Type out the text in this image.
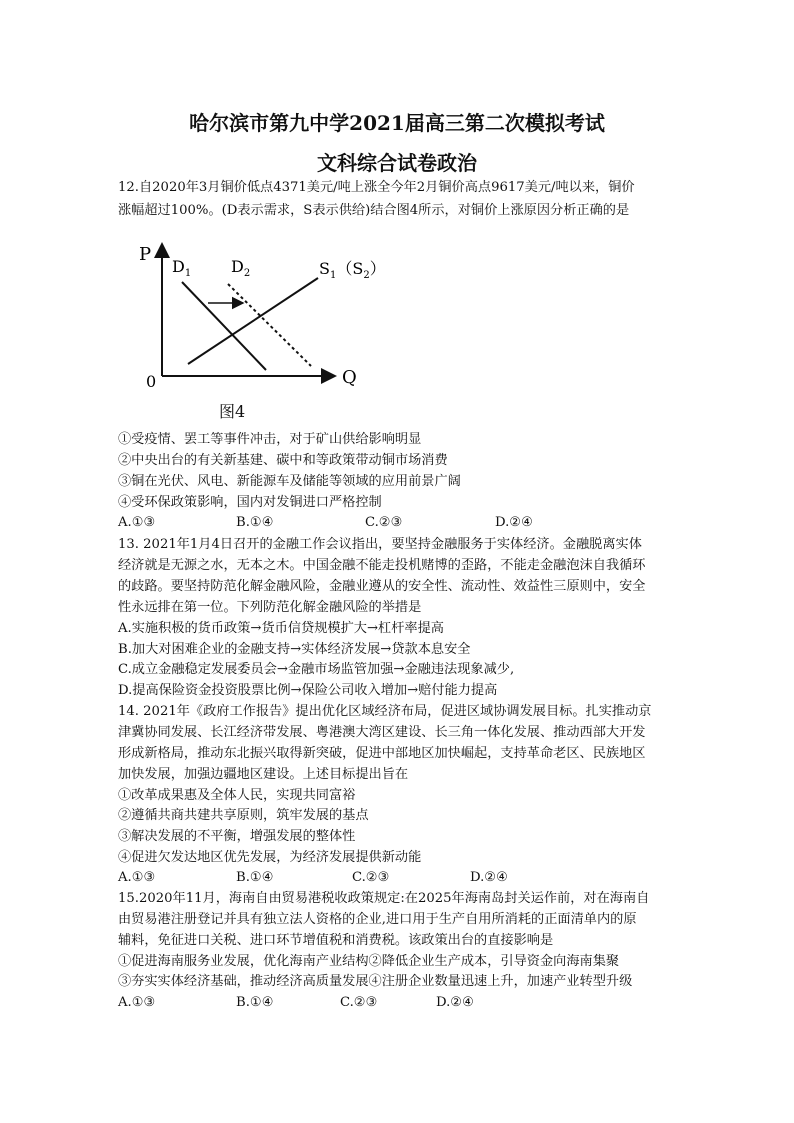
哈尔滨市第九中学2021届高三第二次模拟考试
文科综合试卷政治
12.自2020年3月铜价低点4371美元/吨上涨全今年2月铜价高点9617美元/吨以来，铜价
涨幅超过100%。(D表示需求，S表示供给)结合图4所示，对铜价上涨原因分析正确的是
P
Q
0
$D_1$ $D_2$	$S_1(S_2)$
图4
①受疫情、罢工等事件冲击，对于矿山供给影响明显
②中央出台的有关新基建、碳中和等政策带动铜市场消费
③铜在光伏、风电、新能源车及储能等领域的应用前景广阔
④受环保政策影响，国内对发铜进口严格控制
A.①③	B.①④	C.②③	D.②④
13. 2021年1月4日召开的金融工作会议指出，要坚持金融服务于实体经济。金融脱离实体
经济就是无源之水，无本之木。中国金融不能走投机赌博的歪路，不能走金融泡沫自我循环
的歧路。要坚持防范化解金融风险，金融业遵从的安全性、流动性、效益性三原则中，安全
性永远排在第一位。下列防范化解金融风险的举措是
A.实施积极的货币政策→货币信贷规模扩大→杠杆率提高
B.加大对困难企业的金融支持→实体经济发展→贷款本息安全
C.成立金融稳定发展委员会→金融市场监管加强→金融违法现象减少,
D.提高保险资金投资股票比例→保险公司收入增加→赔付能力提高
14. 2021年《政府工作报告》提出优化区域经济布局，促进区域协调发展目标。扎实推动京
津冀协同发展、长江经济带发展、粤港澳大湾区建设、长三角一体化发展、推动西部大开发
形成新格局，推动东北振兴取得新突破，促进中部地区加快崛起，支持革命老区、民族地区
加快发展，加强边疆地区建设。上述目标提出旨在
①改革成果惠及全体人民，实现共同富裕
②遵循共商共建共享原则，筑牢发展的基点
③解决发展的不平衡，增强发展的整体性
④促进欠发达地区优先发展，为经济发展提供新动能
A.①③	B.①④	C.②③	D.②④
15.2020年11月，海南自由贸易港税收政策规定:在2025年海南岛封关运作前，对在海南自
由贸易港注册登记并具有独立法人资格的企业,进口用于生产自用所消耗的正面清单内的原
辅料，免征进口关税、进口环节增值税和消费税。该政策出台的直接影响是
①促进海南服务业发展，优化海南产业结构②降低企业生产成本，引导资金向海南集聚
③夯实实体经济基础，推动经济高质量发展④注册企业数量迅速上升，加速产业转型升级
A.①③	B.①④	C.②③	D.②④
